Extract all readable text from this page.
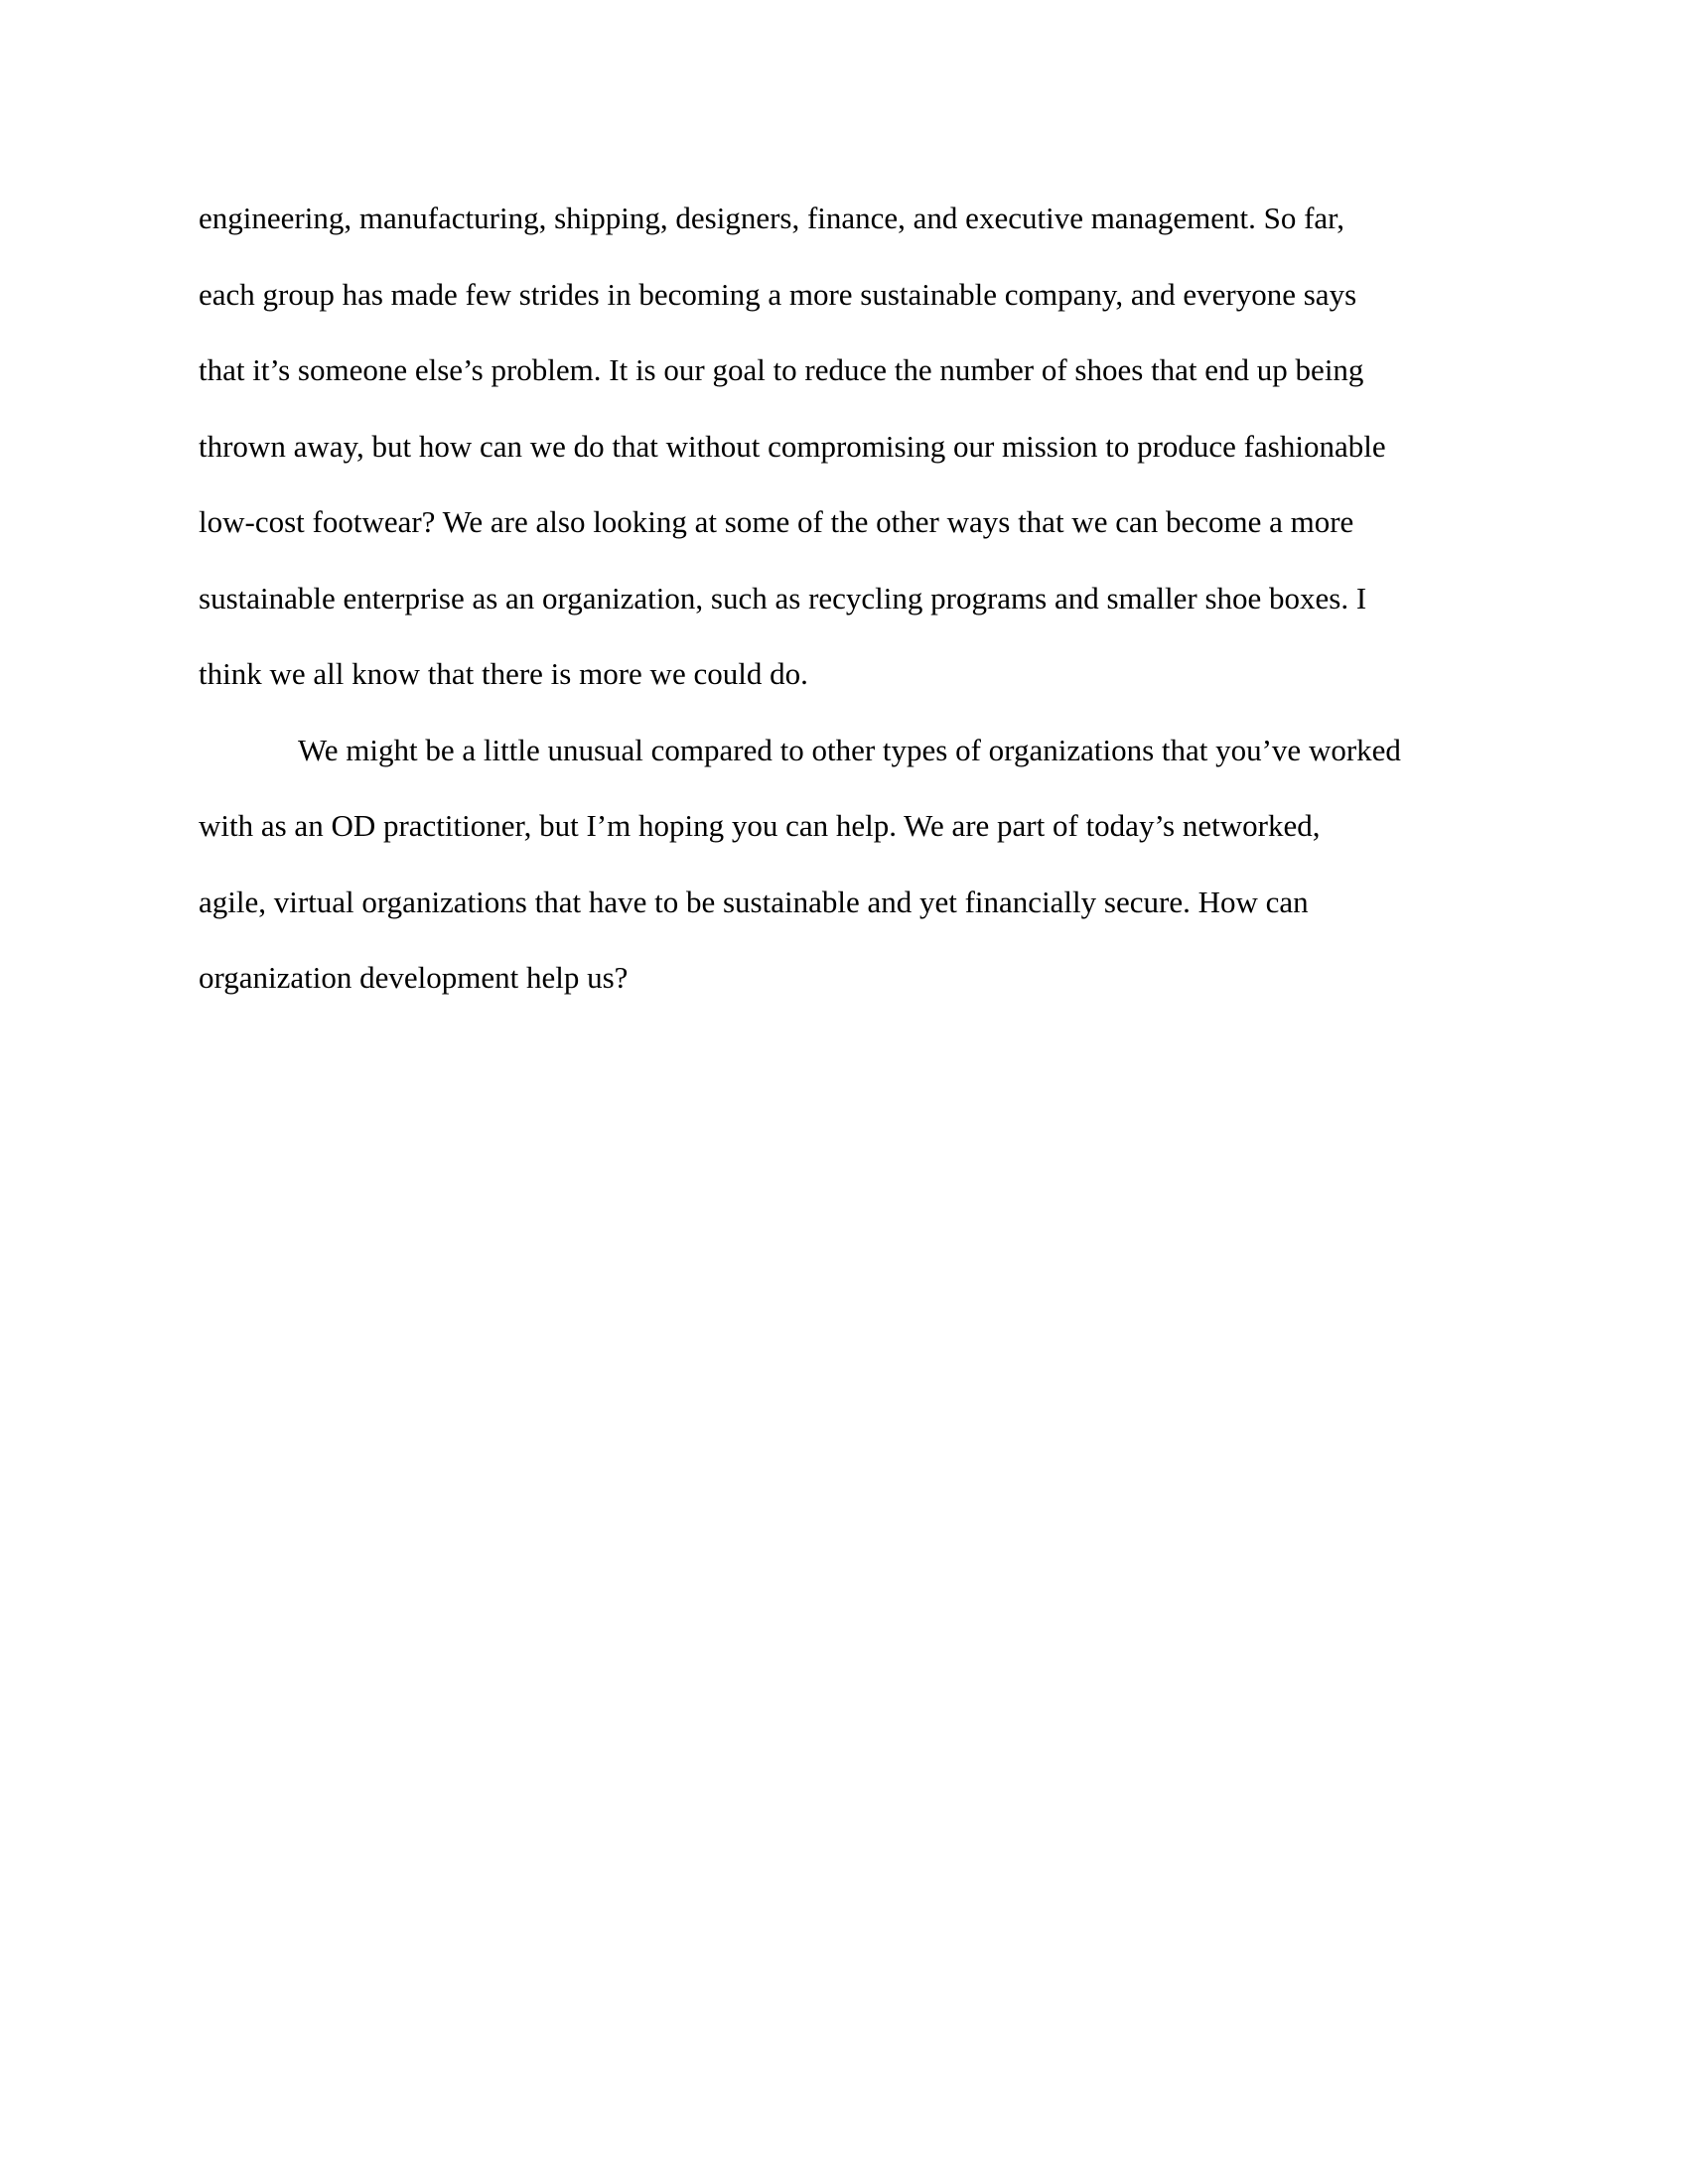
engineering, manufacturing, shipping, designers, finance, and executive management. So far,
each group has made few strides in becoming a more sustainable company, and everyone says
that it’s someone else’s problem. It is our goal to reduce the number of shoes that end up being
thrown away, but how can we do that without compromising our mission to produce fashionable
low-cost footwear? We are also looking at some of the other ways that we can become a more
sustainable enterprise as an organization, such as recycling programs and smaller shoe boxes. I
think we all know that there is more we could do.
We might be a little unusual compared to other types of organizations that you’ve worked
with as an OD practitioner, but I’m hoping you can help. We are part of today’s networked,
agile, virtual organizations that have to be sustainable and yet financially secure. How can
organization development help us?
